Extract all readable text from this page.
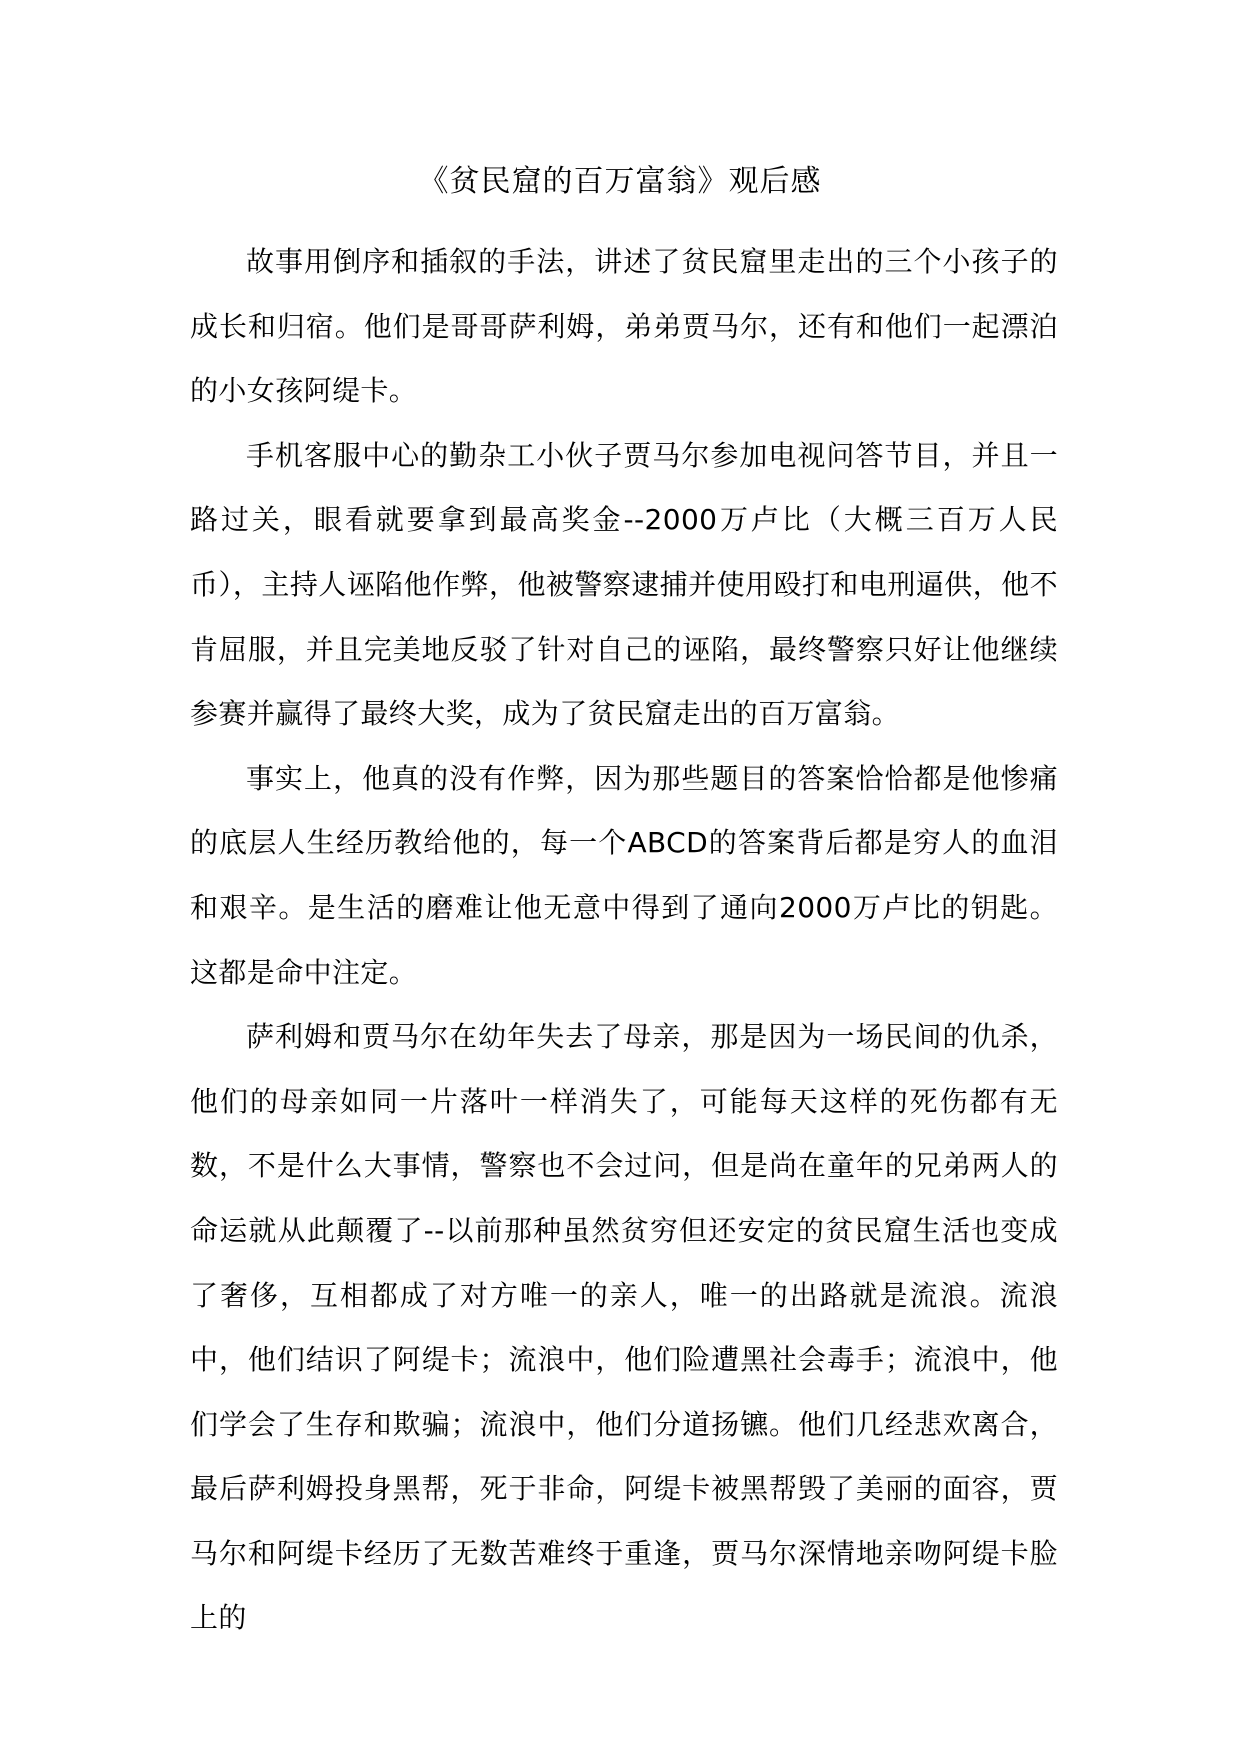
《贫民窟的百万富翁》观后感

故事用倒序和插叙的手法，讲述了贫民窟里走出的三个小孩子的成长和归宿。他们是哥哥萨利姆，弟弟贾马尔，还有和他们一起漂泊的小女孩阿缇卡。

手机客服中心的勤杂工小伙子贾马尔参加电视问答节目，并且一路过关，眼看就要拿到最高奖金--2000万卢比（大概三百万人民币），主持人诬陷他作弊，他被警察逮捕并使用殴打和电刑逼供，他不肯屈服，并且完美地反驳了针对自己的诬陷，最终警察只好让他继续参赛并赢得了最终大奖，成为了贫民窟走出的百万富翁。

事实上，他真的没有作弊，因为那些题目的答案恰恰都是他惨痛的底层人生经历教给他的，每一个ABCD的答案背后都是穷人的血泪和艰辛。是生活的磨难让他无意中得到了通向2000万卢比的钥匙。这都是命中注定。

萨利姆和贾马尔在幼年失去了母亲，那是因为一场民间的仇杀，他们的母亲如同一片落叶一样消失了，可能每天这样的死伤都有无数，不是什么大事情，警察也不会过问，但是尚在童年的兄弟两人的命运就从此颠覆了--以前那种虽然贫穷但还安定的贫民窟生活也变成了奢侈，互相都成了对方唯一的亲人，唯一的出路就是流浪。流浪中，他们结识了阿缇卡；流浪中，他们险遭黑社会毒手；流浪中，他们学会了生存和欺骗；流浪中，他们分道扬镳。他们几经悲欢离合，最后萨利姆投身黑帮，死于非命，阿缇卡被黑帮毁了美丽的面容，贾马尔和阿缇卡经历了无数苦难终于重逢，贾马尔深情地亲吻阿缇卡脸上的
